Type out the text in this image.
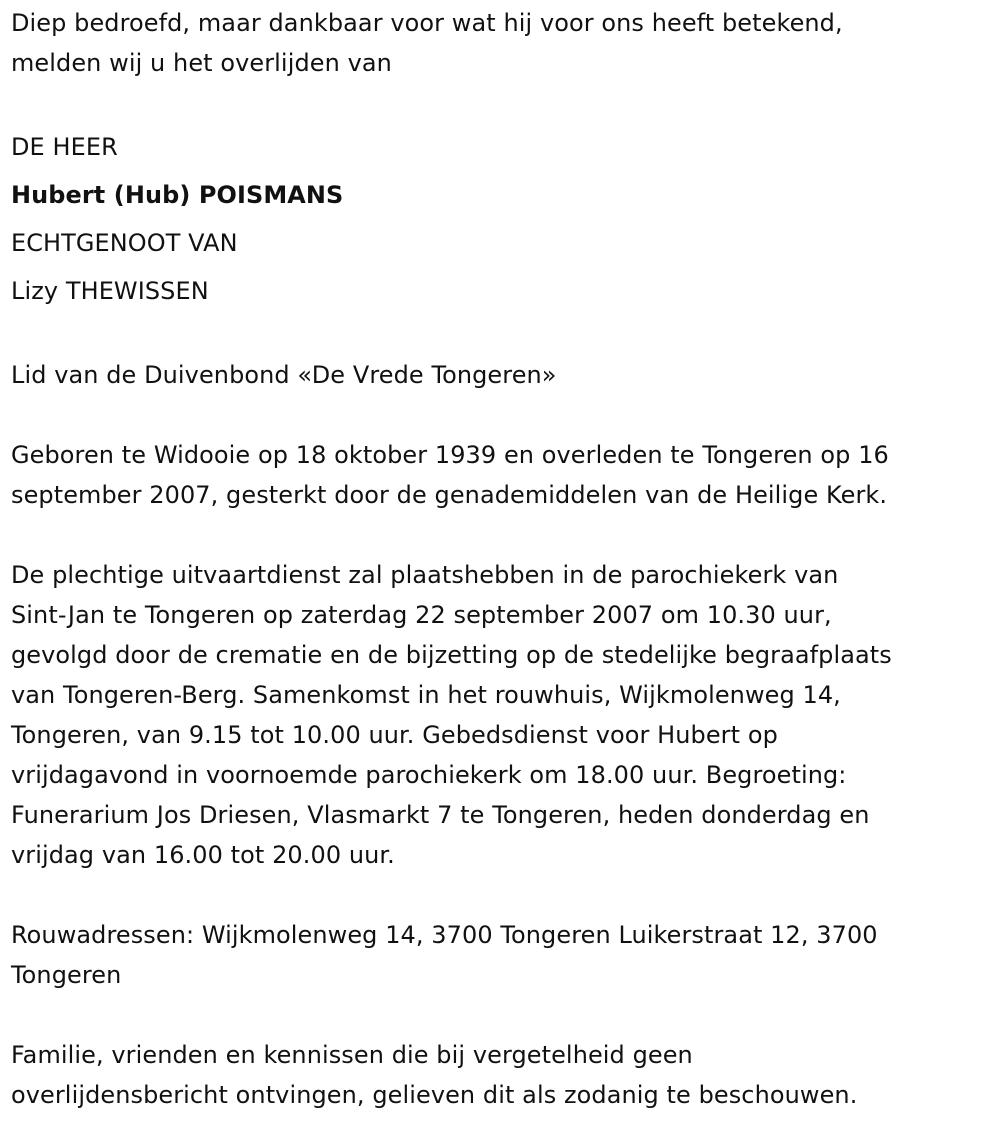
Diep bedroefd, maar dankbaar voor wat hij voor ons heeft betekend,
melden wij u het overlijden van

DE HEER
Hubert (Hub) POISMANS
ECHTGENOOT VAN
Lizy THEWISSEN

Lid van de Duivenbond «De Vrede Tongeren»

Geboren te Widooie op 18 oktober 1939 en overleden te Tongeren op 16
september 2007, gesterkt door de genademiddelen van de Heilige Kerk.

De plechtige uitvaartdienst zal plaatshebben in de parochiekerk van
Sint-Jan te Tongeren op zaterdag 22 september 2007 om 10.30 uur,
gevolgd door de crematie en de bijzetting op de stedelijke begraafplaats
van Tongeren-Berg. Samenkomst in het rouwhuis, Wijkmolenweg 14,
Tongeren, van 9.15 tot 10.00 uur. Gebedsdienst voor Hubert op
vrijdagavond in voornoemde parochiekerk om 18.00 uur. Begroeting:
Funerarium Jos Driesen, Vlasmarkt 7 te Tongeren, heden donderdag en
vrijdag van 16.00 tot 20.00 uur.

Rouwadressen: Wijkmolenweg 14, 3700 Tongeren Luikerstraat 12, 3700
Tongeren

Familie, vrienden en kennissen die bij vergetelheid geen
overlijdensbericht ontvingen, gelieven dit als zodanig te beschouwen.
